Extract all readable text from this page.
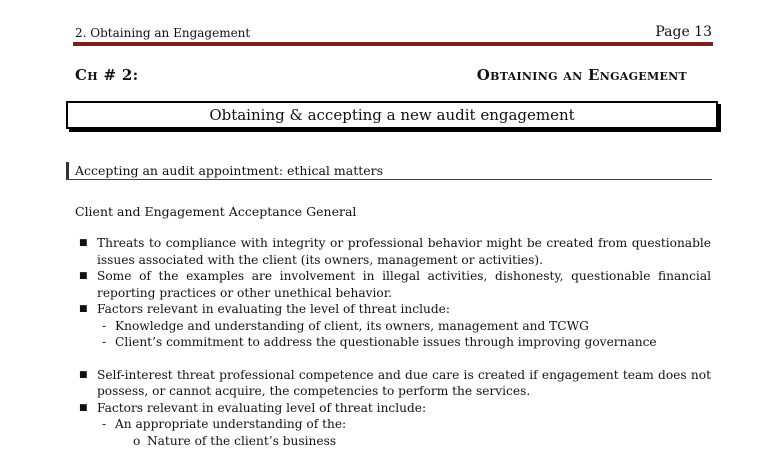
2. Obtaining an Engagement	Page 13
Ch # 2:	Obtaining an Engagement
Obtaining & accepting a new audit engagement
Accepting an audit appointment: ethical matters
Client and Engagement Acceptance General
■ Threats to compliance with integrity or professional behavior might be created from questionable issues associated with the client (its owners, management or activities).
■ Some of the examples are involvement in illegal activities, dishonesty, questionable financial reporting practices or other unethical behavior.
■ Factors relevant in evaluating the level of threat include:
- Knowledge and understanding of client, its owners, management and TCWG
- Client’s commitment to address the questionable issues through improving governance
■ Self-interest threat professional competence and due care is created if engagement team does not possess, or cannot acquire, the competencies to perform the services.
■ Factors relevant in evaluating level of threat include:
- An appropriate understanding of the:
o Nature of the client’s business
